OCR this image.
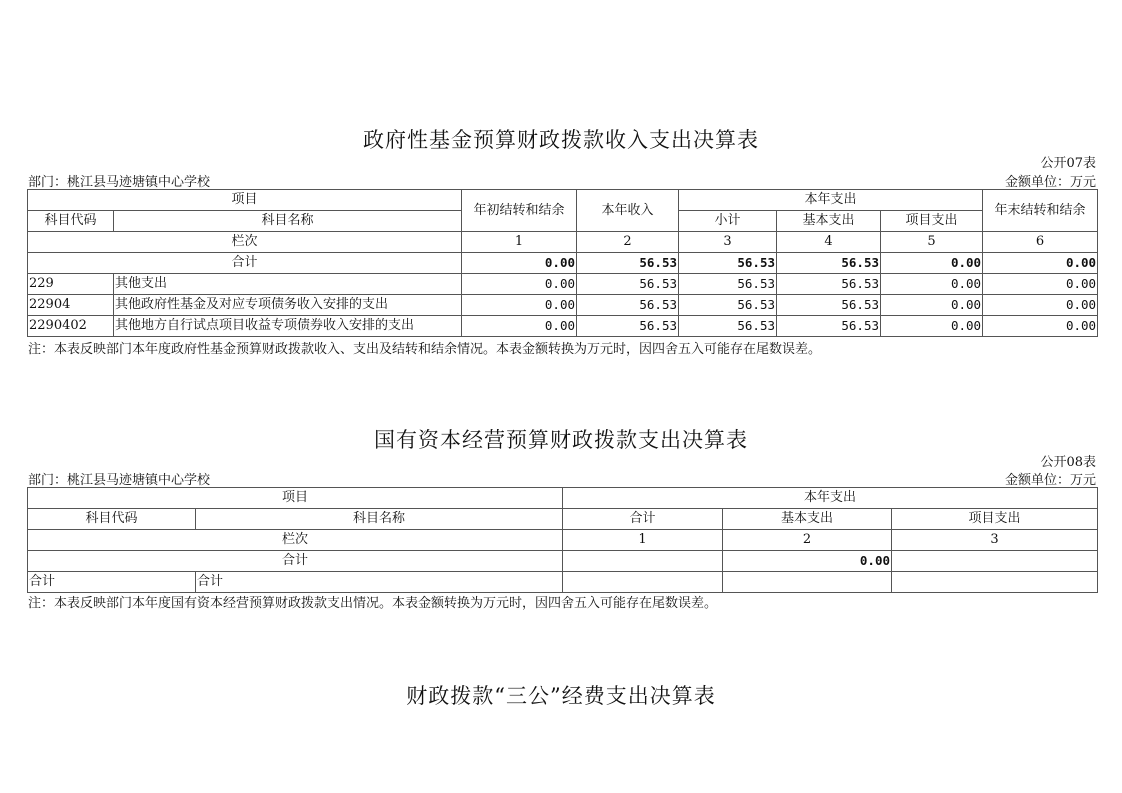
政府性基金预算财政拨款收入支出决算表
公开07表
部门：桃江县马迹塘镇中心学校	金额单位：万元
项目		年初结转和结余	本年收入	本年支出			年末结转和结余
科目代码	科目名称			小计	基本支出	项目支出	
栏次		1	2	3	4	5	6
合计		0.00	56.53	56.53	56.53	0.00	0.00
229	其他支出	0.00	56.53	56.53	56.53	0.00	0.00
22904	其他政府性基金及对应专项债务收入安排的支出	0.00	56.53	56.53	56.53	0.00	0.00
2290402	其他地方自行试点项目收益专项债券收入安排的支出	0.00	56.53	56.53	56.53	0.00	0.00
注：本表反映部门本年度政府性基金预算财政拨款收入、支出及结转和结余情况。本表金额转换为万元时，因四舍五入可能存在尾数误差。
国有资本经营预算财政拨款支出决算表
公开08表
部门：桃江县马迹塘镇中心学校	金额单位：万元
项目		本年支出		
科目代码	科目名称	合计	基本支出	项目支出
栏次		1	2	3
合计			0.00	
合计	合计			
注：本表反映部门本年度国有资本经营预算财政拨款支出情况。本表金额转换为万元时，因四舍五入可能存在尾数误差。
财政拨款“三公”经费支出决算表
